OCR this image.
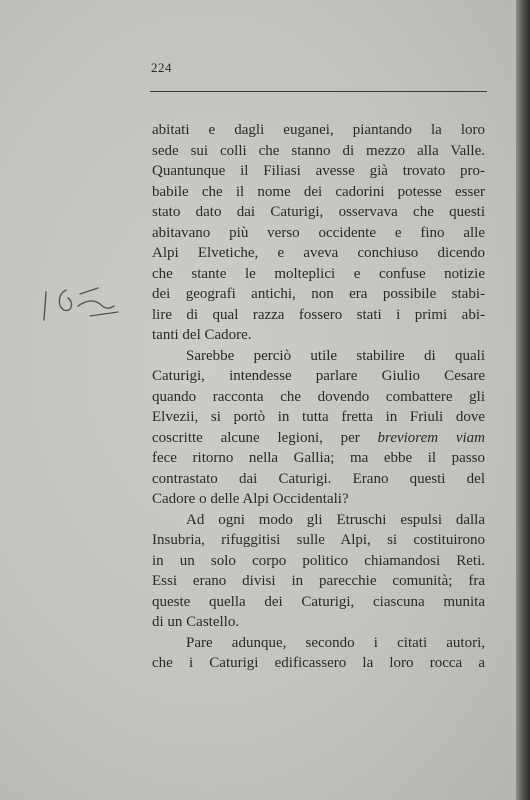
224

abitati e dagli euganei, piantando la loro
sede sui colli che stanno di mezzo alla Valle.
Quantunque il Filiasi avesse già trovato pro-
babile che il nome dei cadorini potesse esser
stato dato dai Caturigi, osservava che questi
abitavano più verso occidente e fino alle
Alpi Elvetiche, e aveva conchiuso dicendo
che stante le molteplici e confuse notizie
dei geografi antichi, non era possibile stabi-
lire di qual razza fossero stati i primi abi-
tanti del Cadore.
Sarebbe perciò utile stabilire di quali
Caturigi, intendesse parlare Giulio Cesare
quando racconta che dovendo combattere gli
Elvezii, si portò in tutta fretta in Friuli dove
coscritte alcune legioni, per breviorem viam
fece ritorno nella Gallia; ma ebbe il passo
contrastato dai Caturigi. Erano questi del
Cadore o delle Alpi Occidentali?
Ad ogni modo gli Etruschi espulsi dalla
Insubria, rifuggitisi sulle Alpi, si costituirono
in un solo corpo politico chiamandosi Reti.
Essi erano divisi in parecchie comunità; fra
queste quella dei Caturigi, ciascuna munita
di un Castello.
Pare adunque, secondo i citati autori,
che i Caturigi edificassero la loro rocca a
